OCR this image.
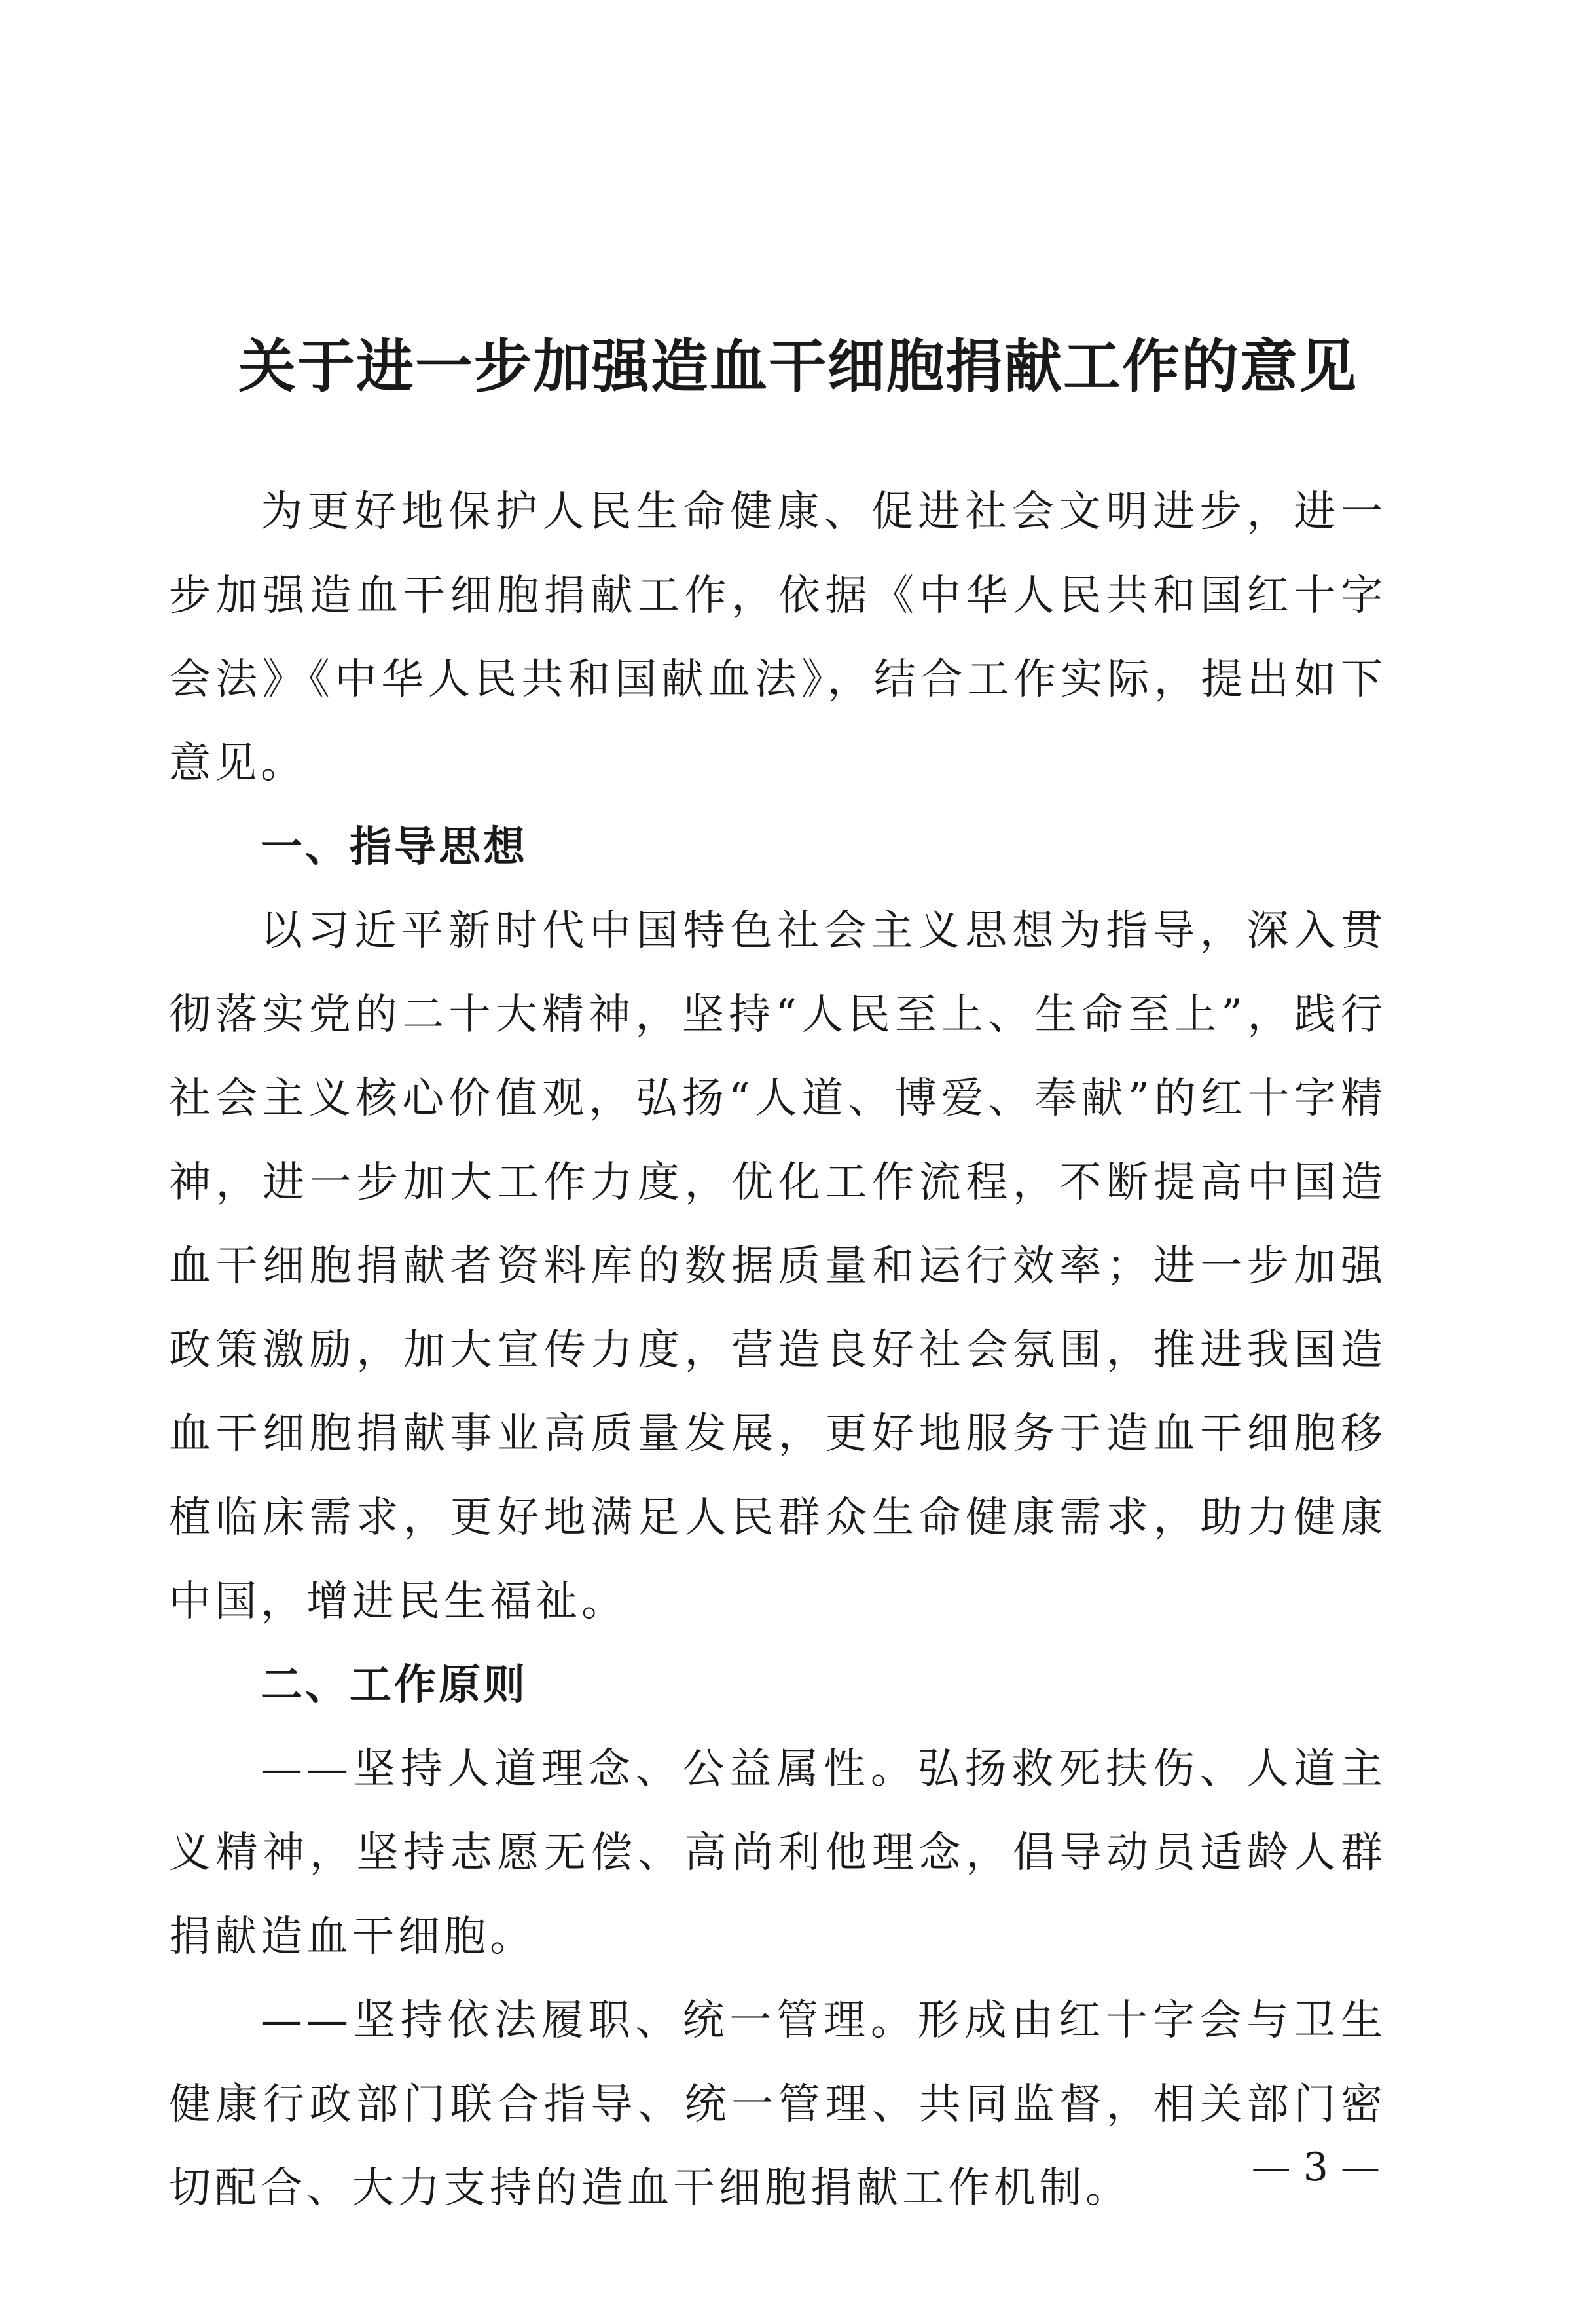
关于进一步加强造血干细胞捐献工作的意见

为更好地保护人民生命健康、促进社会文明进步，进一步加强造血干细胞捐献工作，依据《中华人民共和国红十字会法》《中华人民共和国献血法》，结合工作实际，提出如下意见。

一、指导思想

以习近平新时代中国特色社会主义思想为指导，深入贯彻落实党的二十大精神，坚持“人民至上、生命至上”，践行社会主义核心价值观，弘扬“人道、博爱、奉献”的红十字精神，进一步加大工作力度，优化工作流程，不断提高中国造血干细胞捐献者资料库的数据质量和运行效率；进一步加强政策激励，加大宣传力度，营造良好社会氛围，推进我国造血干细胞捐献事业高质量发展，更好地服务于造血干细胞移植临床需求，更好地满足人民群众生命健康需求，助力健康中国，增进民生福祉。

二、工作原则

——坚持人道理念、公益属性。弘扬救死扶伤、人道主义精神，坚持志愿无偿、高尚利他理念，倡导动员适龄人群捐献造血干细胞。

——坚持依法履职、统一管理。形成由红十字会与卫生健康行政部门联合指导、统一管理、共同监督，相关部门密切配合、大力支持的造血干细胞捐献工作机制。	— 3 —
